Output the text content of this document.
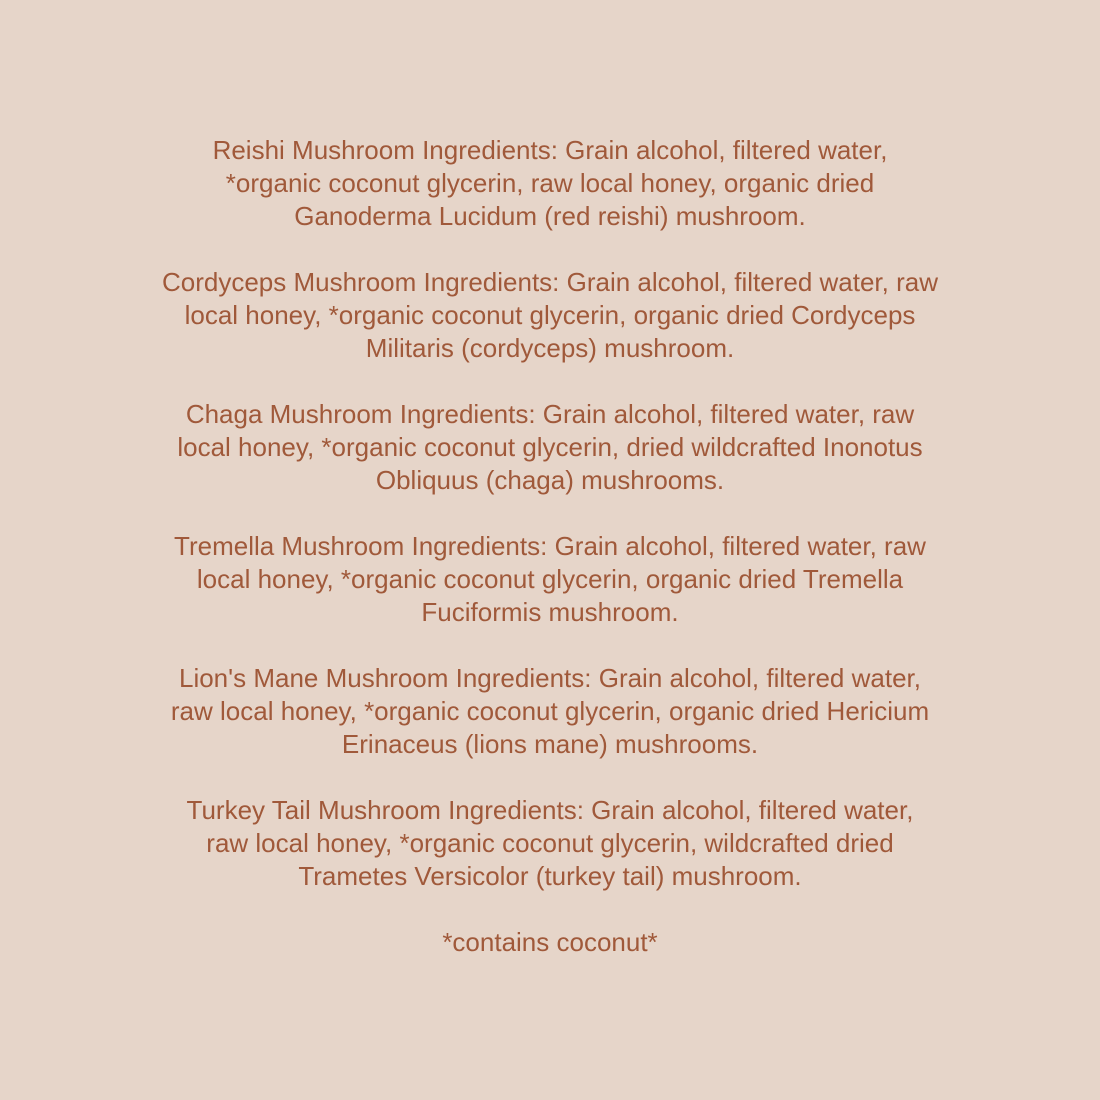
Reishi Mushroom Ingredients: Grain alcohol, filtered water,
*organic coconut glycerin, raw local honey, organic dried
Ganoderma Lucidum (red reishi) mushroom.

Cordyceps Mushroom Ingredients: Grain alcohol, filtered water, raw
local honey, *organic coconut glycerin, organic dried Cordyceps
Militaris (cordyceps) mushroom.

Chaga Mushroom Ingredients: Grain alcohol, filtered water, raw
local honey, *organic coconut glycerin, dried wildcrafted Inonotus
Obliquus (chaga) mushrooms.

Tremella Mushroom Ingredients: Grain alcohol, filtered water, raw
local honey, *organic coconut glycerin, organic dried Tremella
Fuciformis mushroom.

Lion's Mane Mushroom Ingredients: Grain alcohol, filtered water,
raw local honey, *organic coconut glycerin, organic dried Hericium
Erinaceus (lions mane) mushrooms.

Turkey Tail Mushroom Ingredients: Grain alcohol, filtered water,
raw local honey, *organic coconut glycerin, wildcrafted dried
Trametes Versicolor (turkey tail) mushroom.

*contains coconut*
